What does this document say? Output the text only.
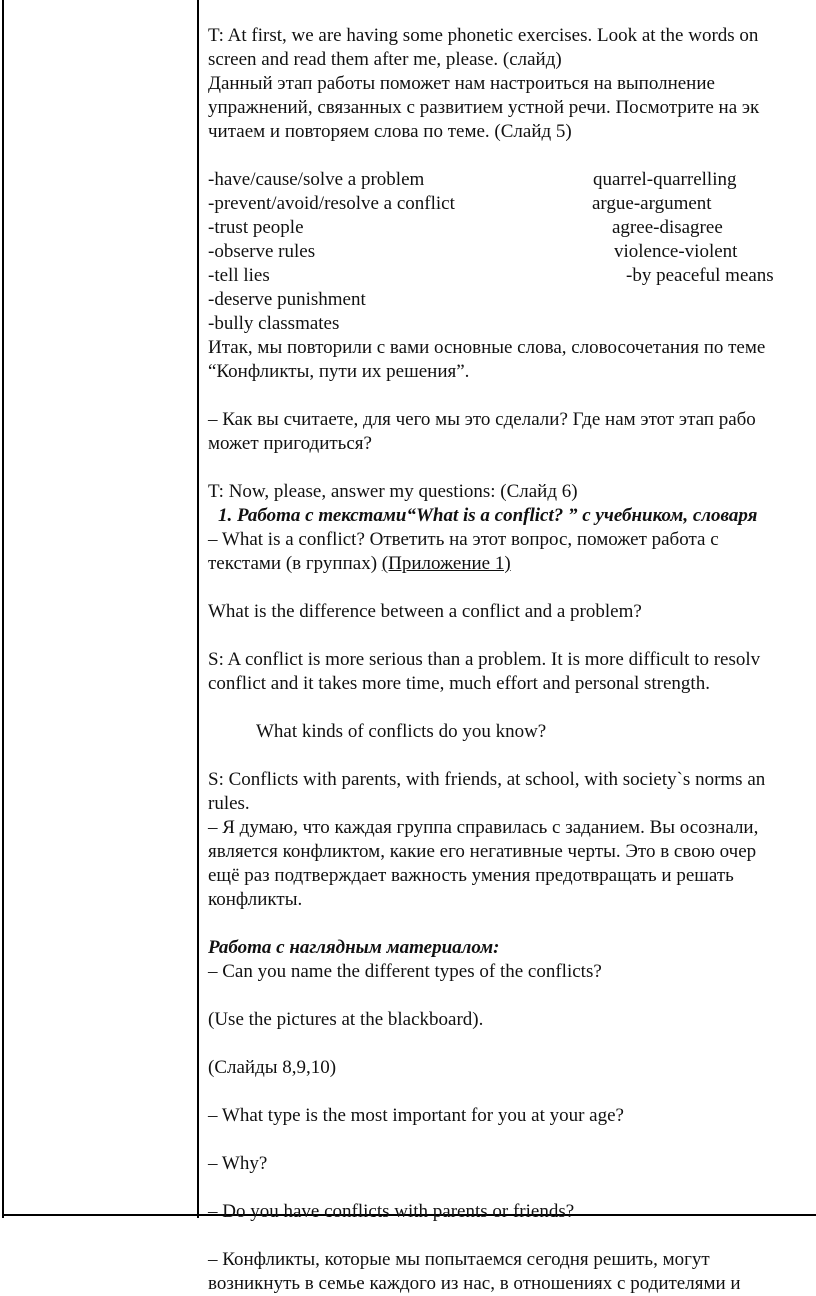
T: At first, we are having some phonetic exercises. Look at the words on
screen and read them after me, please. (слайд)
Данный этап работы поможет нам настроиться на выполнение
упражнений, связанных с развитием устной речи. Посмотрите на эк
читаем и повторяем слова по теме. (Слайд 5)
-have/cause/solve a problem	quarrel-quarrelling
-prevent/avoid/resolve a conflict	argue-argument
-trust people	agree-disagree
-observe rules	violence-violent
-tell lies	-by peaceful means
-deserve punishment
-bully classmates
Итак, мы повторили с вами основные слова, словосочетания по теме
“Конфликты, пути их решения”.
– Как вы считаете, для чего мы это сделали? Где нам этот этап рабо
может пригодиться?
T: Now, please, answer my questions: (Слайд 6)
1. Работа с текстами“What is a conflict? ” с учебником, словаря
– What is a conflict? Ответить на этот вопрос, поможет работа с
текстами (в группах) (Приложение 1)
What is the difference between a conflict and a problem?
S: A conflict is more serious than a problem. It is more difficult to resolv
conflict and it takes more time, much effort and personal strength.
What kinds of conflicts do you know?
S: Conflicts with parents, with friends, at school, with society`s norms an
rules.
– Я думаю, что каждая группа справилась с заданием. Вы осознали,
является конфликтом, какие его негативные черты. Это в свою очер
ещё раз подтверждает важность умения предотвращать и решать
конфликты.
Работа с наглядным материалом:
– Can you name the different types of the conflicts?
(Use the pictures at the blackboard).
(Слайды 8,9,10)
– What type is the most important for you at your age?
– Why?
– Do you have conflicts with parents or friends?
– Конфликты, которые мы попытаемся сегодня решить, могут
возникнуть в семье каждого из нас, в отношениях с родителями и
